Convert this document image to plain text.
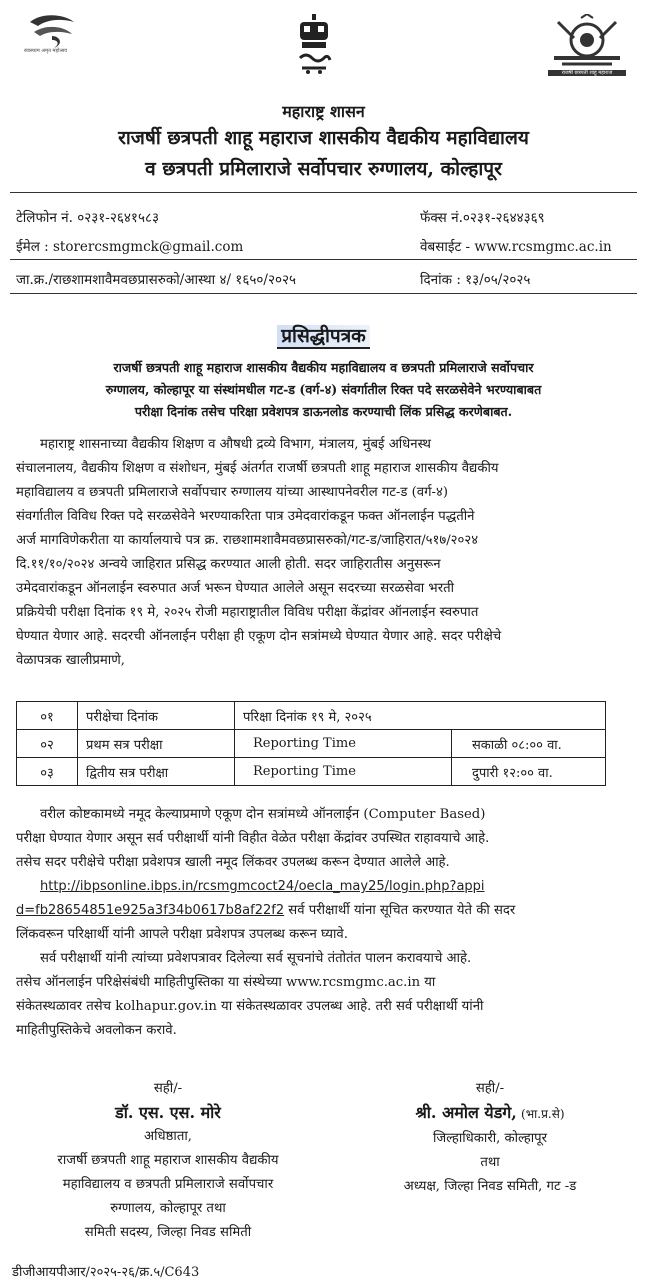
स्वास्थ्यम अमृत महोत्सव
राजर्षी छत्रपती शाहू महाराज
महाराष्ट्र शासन
राजर्षी छत्रपती शाहू महाराज शासकीय वैद्यकीय महाविद्यालय
व छत्रपती प्रमिलाराजे सर्वोपचार रुग्णालय, कोल्हापूर
टेलिफोन नं. ०२३१-२६४१५८३	फॅक्स नं.०२३१-२६४४३६९
ईमेल : storercsmgmck@gmail.com	वेबसाईट - www.rcsmgmc.ac.in
जा.क्र./राछशामशावैमवछप्रासरुको/आस्था ४/ १६५०/२०२५	दिनांक : १३/०५/२०२५
प्रसिद्धीपत्रक
राजर्षी छत्रपती शाहू महाराज शासकीय वैद्यकीय महाविद्यालय व छत्रपती प्रमिलाराजे सर्वोपचार
रुग्णालय, कोल्हापूर या संस्थांमधील गट-ड (वर्ग-४) संवर्गातील रिक्त पदे सरळसेवेने भरण्याबाबत
परीक्षा दिनांक तसेच परिक्षा प्रवेशपत्र डाऊनलोड करण्याची लिंक प्रसिद्ध करणेबाबत.
महाराष्ट्र शासनाच्या वैद्यकीय शिक्षण व औषधी द्रव्ये विभाग, मंत्रालय, मुंबई अधिनस्थ
संचालनालय, वैद्यकीय शिक्षण व संशोधन, मुंबई अंतर्गत राजर्षी छत्रपती शाहू महाराज शासकीय वैद्यकीय
महाविद्यालय व छत्रपती प्रमिलाराजे सर्वोपचार रुग्णालय यांच्या आस्थापनेवरील गट-ड (वर्ग-४)
संवर्गातील विविध रिक्त पदे सरळसेवेने भरण्याकरिता पात्र उमेदवारांकडून फक्त ऑनलाईन पद्धतीने
अर्ज मागविणेकरीता या कार्यालयाचे पत्र क्र. राछशामशावैमवछप्रासरुको/गट-ड/जाहिरात/५१७/२०२४
दि.११/१०/२०२४ अन्वये जाहिरात प्रसिद्ध करण्यात आली होती. सदर जाहिरातीस अनुसरून
उमेदवारांकडून ऑनलाईन स्वरुपात अर्ज भरून घेण्यात आलेले असून सदरच्या सरळसेवा भरती
प्रक्रियेची परीक्षा दिनांक १९ मे, २०२५ रोजी महाराष्ट्रातील विविध परीक्षा केंद्रांवर ऑनलाईन स्वरुपात
घेण्यात येणार आहे. सदरची ऑनलाईन परीक्षा ही एकूण दोन सत्रांमध्ये घेण्यात येणार आहे. सदर परीक्षेचे
वेळापत्रक खालीप्रमाणे,
०१	परीक्षेचा दिनांक	परिक्षा दिनांक १९ मे, २०२५	
०२	प्रथम सत्र परीक्षा	Reporting Time	सकाळी ०८:०० वा.
०३	द्वितीय सत्र परीक्षा	Reporting Time	दुपारी १२:०० वा.
वरील कोष्टकामध्ये नमूद केल्याप्रमाणे एकूण दोन सत्रांमध्ये ऑनलाईन (Computer Based)
परीक्षा घेण्यात येणार असून सर्व परीक्षार्थी यांनी विहीत वेळेत परीक्षा केंद्रांवर उपस्थित राहावयाचे आहे.
तसेच सदर परीक्षेचे परीक्षा प्रवेशपत्र खाली नमूद लिंकवर उपलब्ध करून देण्यात आलेले आहे.
http://ibpsonline.ibps.in/rcsmgmcoct24/oecla_may25/login.php?appi
d=fb28654851e925a3f34b0617b8af22f2 सर्व परीक्षार्थी यांना सूचित करण्यात येते की सदर
लिंकवरून परिक्षार्थी यांनी आपले परीक्षा प्रवेशपत्र उपलब्ध करून घ्यावे.
सर्व परीक्षार्थी यांनी त्यांच्या प्रवेशपत्रावर दिलेल्या सर्व सूचनांचे तंतोतंत पालन करावयाचे आहे.
तसेच ऑनलाईन परिक्षेसंबंधी माहितीपुस्तिका या संस्थेच्या www.rcsmgmc.ac.in या
संकेतस्थळावर तसेच kolhapur.gov.in या संकेतस्थळावर उपलब्ध आहे. तरी सर्व परीक्षार्थी यांनी
माहितीपुस्तिकेचे अवलोकन करावे.
सही/-
डॉ. एस. एस. मोरे
अधिष्ठाता,
राजर्षी छत्रपती शाहू महाराज शासकीय वैद्यकीय
महाविद्यालय व छत्रपती प्रमिलाराजे सर्वोपचार
रुग्णालय, कोल्हापूर तथा
समिती सदस्य, जिल्हा निवड समिती
सही/-
श्री. अमोल येडगे, (भा.प्र.से)
जिल्हाधिकारी, कोल्हापूर
तथा
अध्यक्ष, जिल्हा निवड समिती, गट -ड
डीजीआयपीआर/२०२५-२६/क्र.५/C643
